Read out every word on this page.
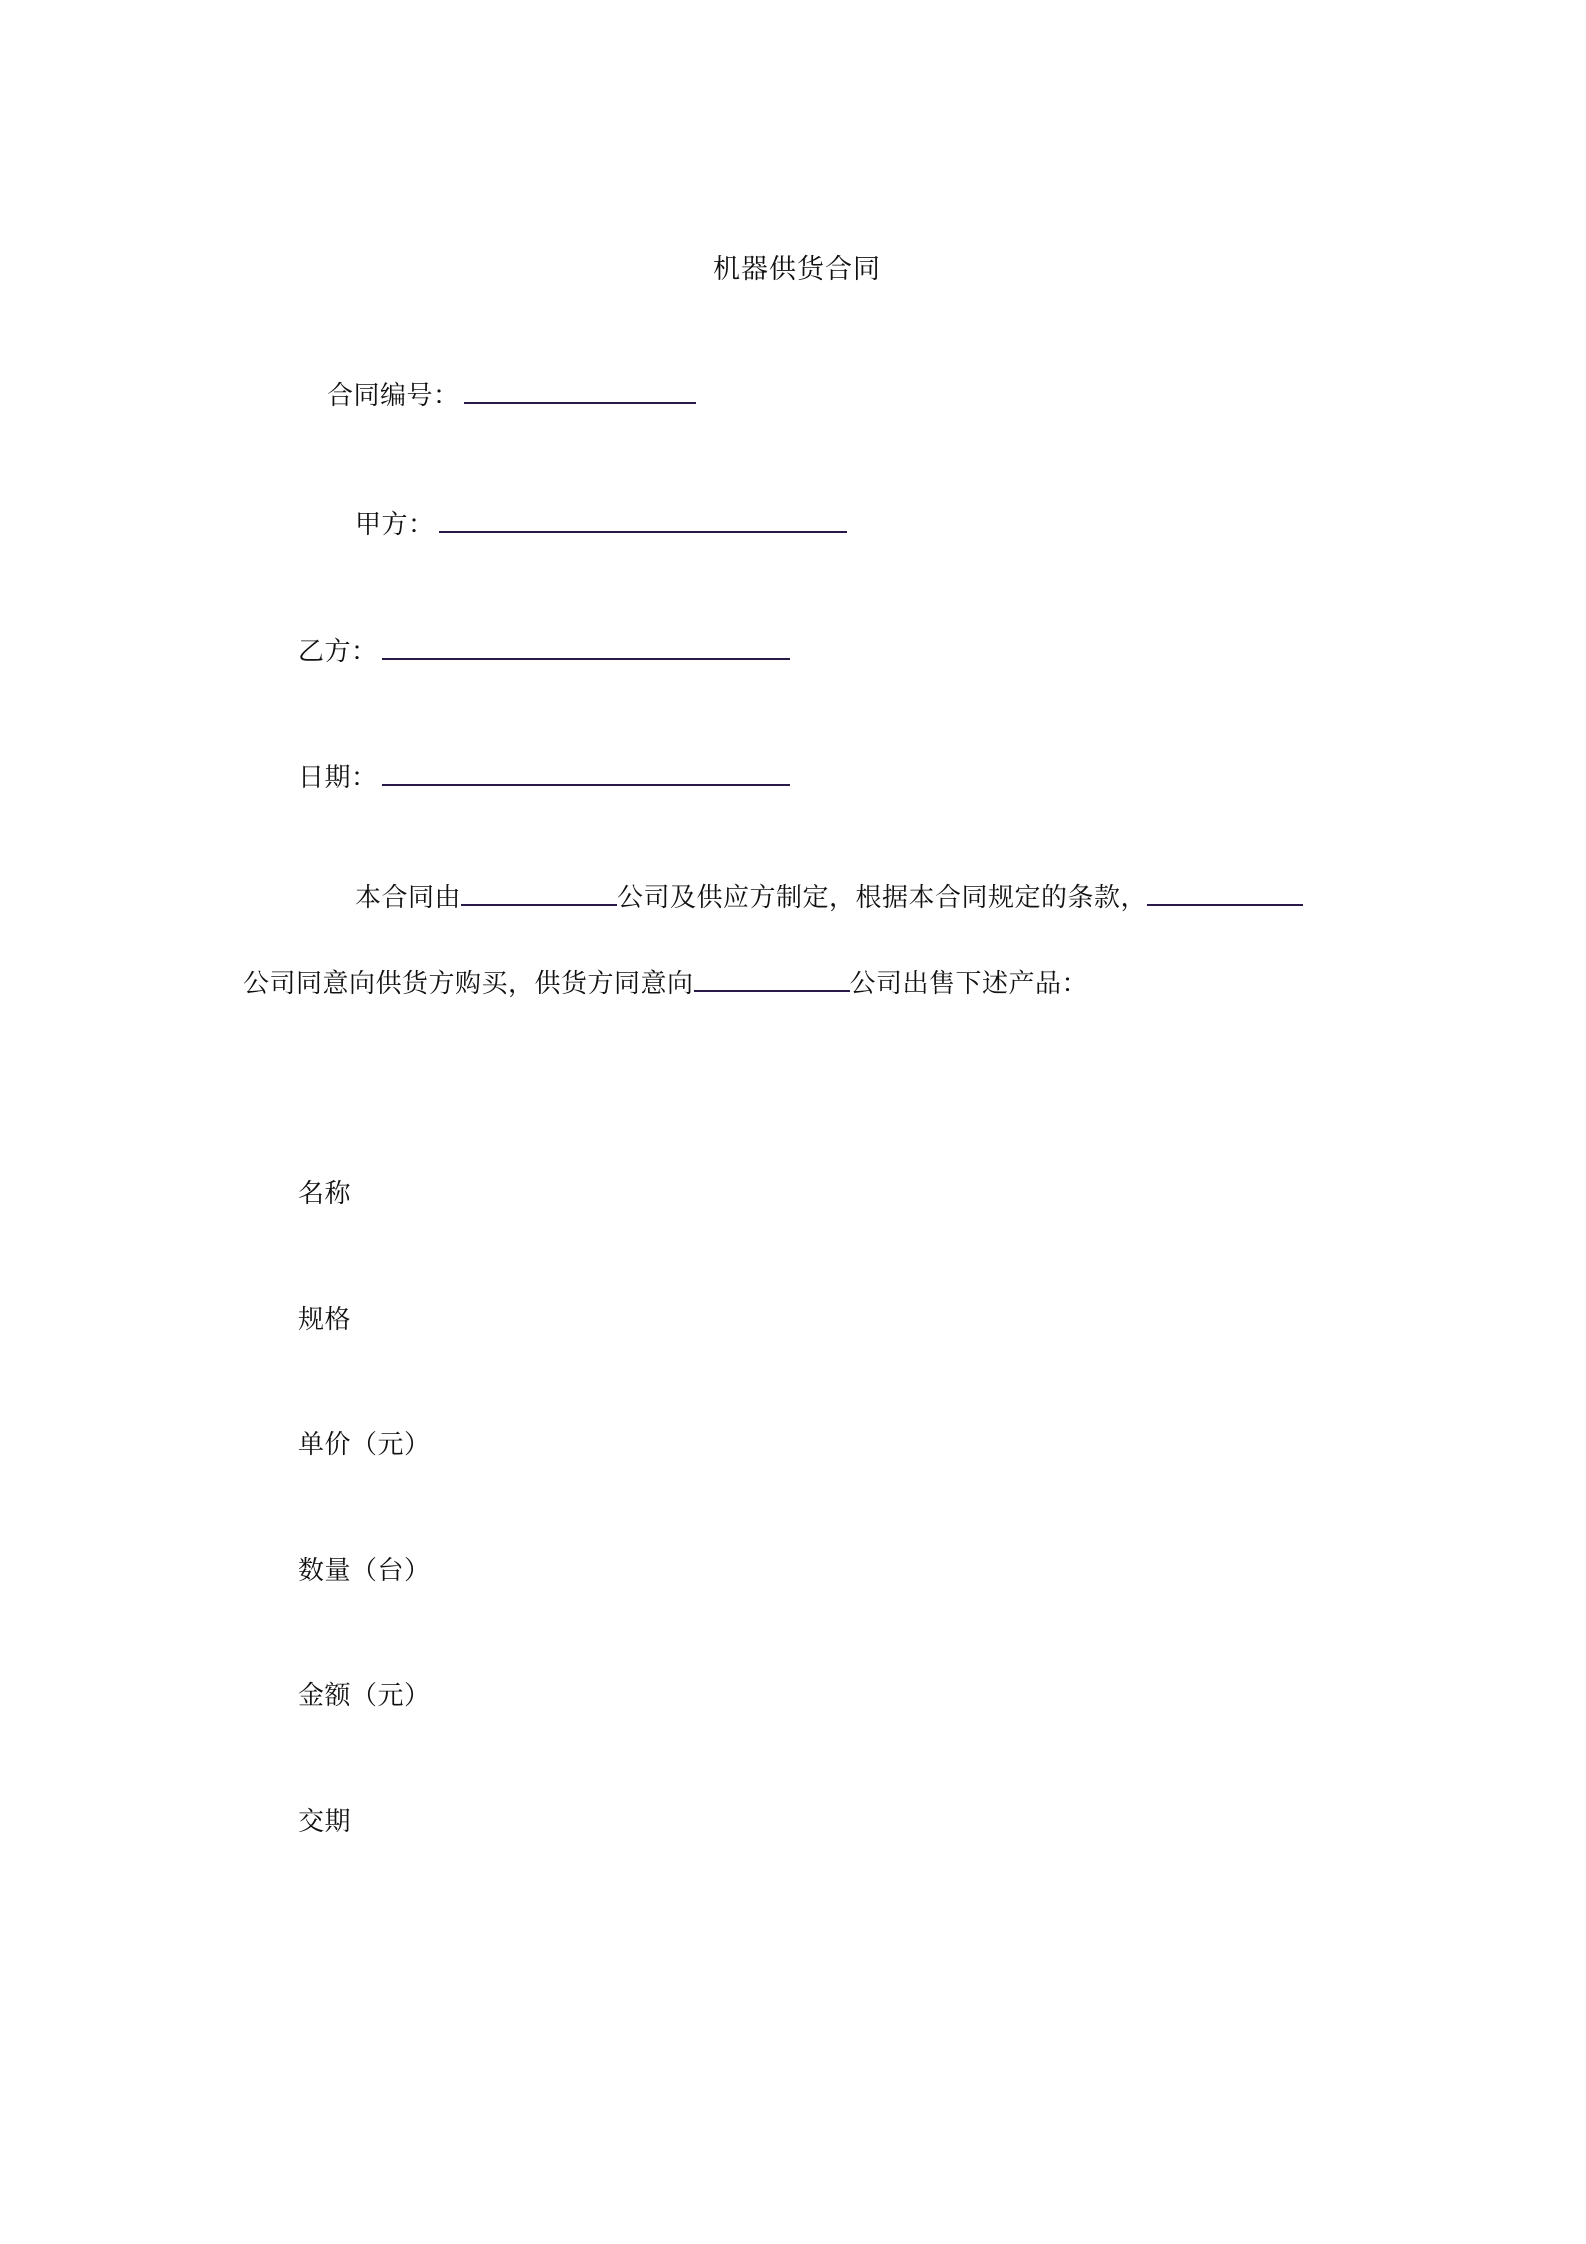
机器供货合同
合同编号：
甲方：
乙方：
日期：
本合同由	公司及供应方制定，根据本合同规定的条款，
公司同意向供货方购买，供货方同意向	公司出售下述产品：
名称
规格
单价（元）
数量（台）
金额（元）
交期
